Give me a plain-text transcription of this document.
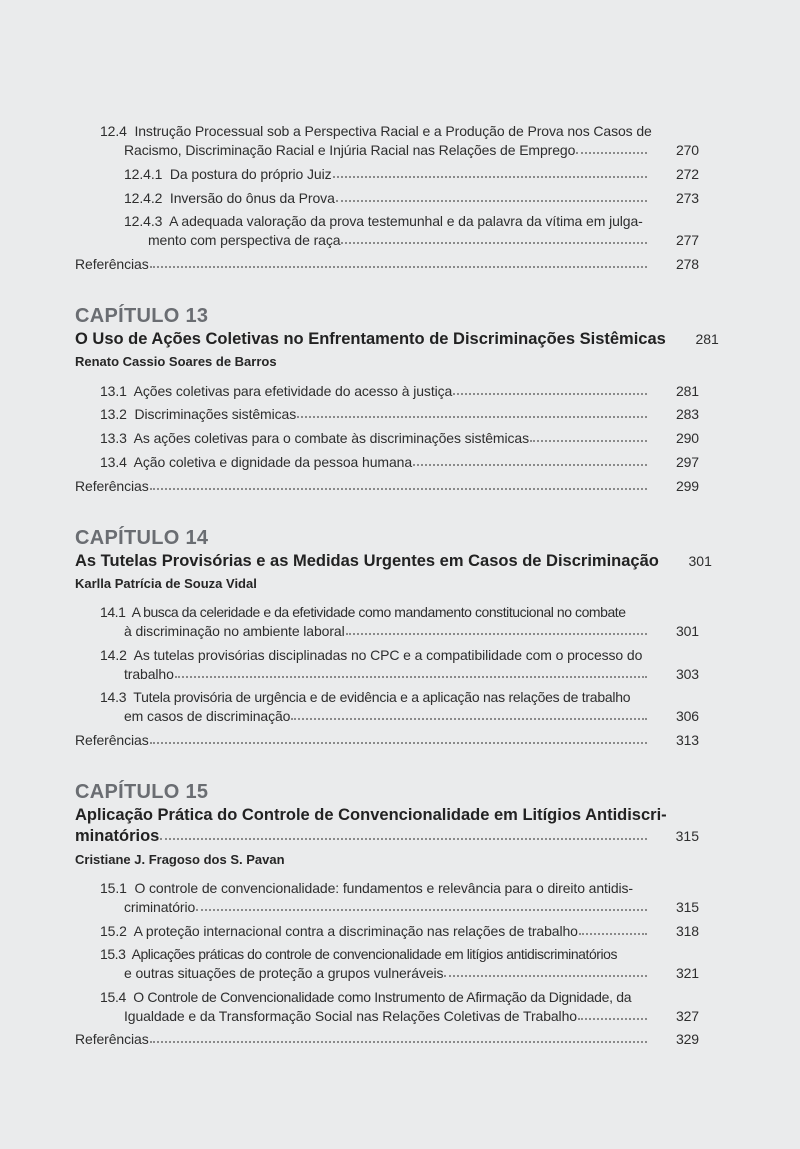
12.4 Instrução Processual sob a Perspectiva Racial e a Produção de Prova nos Casos de
Racismo, Discriminação Racial e Injúria Racial nas Relações de Emprego	270
12.4.1 Da postura do próprio Juiz	272
12.4.2 Inversão do ônus da Prova	273
12.4.3 A adequada valoração da prova testemunhal e da palavra da vítima em julga-
mento com perspectiva de raça	277
Referências	278
CAPÍTULO 13
O Uso de Ações Coletivas no Enfrentamento de Discriminações Sistêmicas	281
Renato Cassio Soares de Barros
13.1 Ações coletivas para efetividade do acesso à justiça	281
13.2 Discriminações sistêmicas	283
13.3 As ações coletivas para o combate às discriminações sistêmicas	290
13.4 Ação coletiva e dignidade da pessoa humana	297
Referências	299
CAPÍTULO 14
As Tutelas Provisórias e as Medidas Urgentes em Casos de Discriminação	301
Karlla Patrícia de Souza Vidal
14.1 A busca da celeridade e da efetividade como mandamento constitucional no combate
à discriminação no ambiente laboral	301
14.2 As tutelas provisórias disciplinadas no CPC e a compatibilidade com o processo do
trabalho	303
14.3 Tutela provisória de urgência e de evidência e a aplicação nas relações de trabalho
em casos de discriminação	306
Referências	313
CAPÍTULO 15
Aplicação Prática do Controle de Convencionalidade em Litígios Antidiscri-
minatórios	315
Cristiane J. Fragoso dos S. Pavan
15.1 O controle de convencionalidade: fundamentos e relevância para o direito antidis-
criminatório	315
15.2 A proteção internacional contra a discriminação nas relações de trabalho	318
15.3 Aplicações práticas do controle de convencionalidade em litígios antidiscriminatórios
e outras situações de proteção a grupos vulneráveis	321
15.4 O Controle de Convencionalidade como Instrumento de Afirmação da Dignidade, da
Igualdade e da Transformação Social nas Relações Coletivas de Trabalho	327
Referências	329
